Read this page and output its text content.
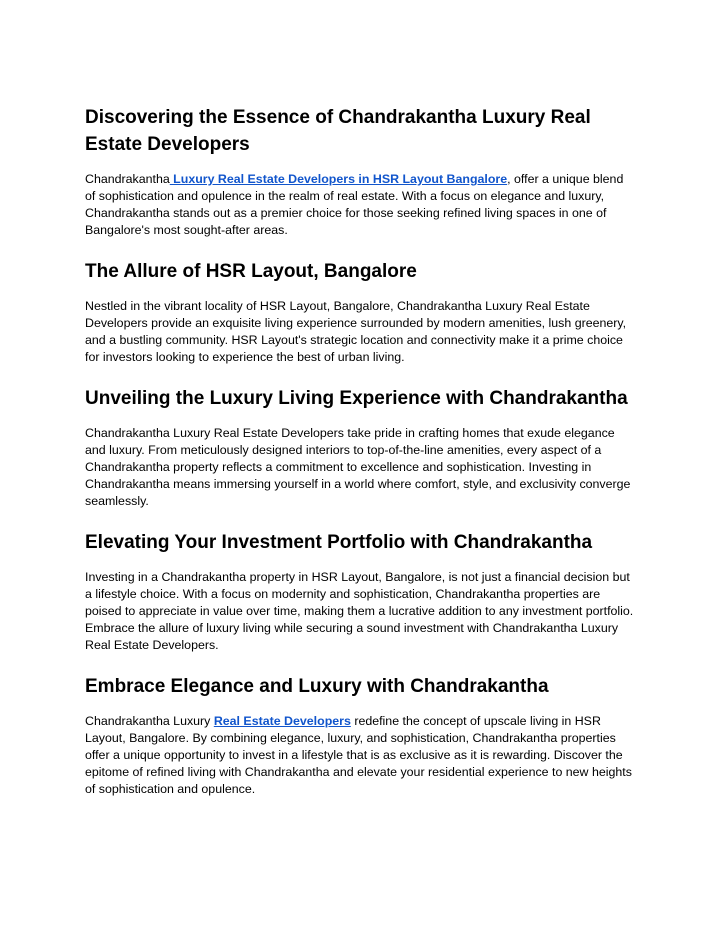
Discovering the Essence of Chandrakantha Luxury Real Estate Developers

Chandrakantha Luxury Real Estate Developers in HSR Layout Bangalore, offer a unique blend of sophistication and opulence in the realm of real estate. With a focus on elegance and luxury, Chandrakantha stands out as a premier choice for those seeking refined living spaces in one of Bangalore's most sought-after areas.

The Allure of HSR Layout, Bangalore

Nestled in the vibrant locality of HSR Layout, Bangalore, Chandrakantha Luxury Real Estate Developers provide an exquisite living experience surrounded by modern amenities, lush greenery, and a bustling community. HSR Layout's strategic location and connectivity make it a prime choice for investors looking to experience the best of urban living.

Unveiling the Luxury Living Experience with Chandrakantha

Chandrakantha Luxury Real Estate Developers take pride in crafting homes that exude elegance and luxury. From meticulously designed interiors to top-of-the-line amenities, every aspect of a Chandrakantha property reflects a commitment to excellence and sophistication. Investing in Chandrakantha means immersing yourself in a world where comfort, style, and exclusivity converge seamlessly.

Elevating Your Investment Portfolio with Chandrakantha

Investing in a Chandrakantha property in HSR Layout, Bangalore, is not just a financial decision but a lifestyle choice. With a focus on modernity and sophistication, Chandrakantha properties are poised to appreciate in value over time, making them a lucrative addition to any investment portfolio. Embrace the allure of luxury living while securing a sound investment with Chandrakantha Luxury Real Estate Developers.

Embrace Elegance and Luxury with Chandrakantha

Chandrakantha Luxury Real Estate Developers redefine the concept of upscale living in HSR Layout, Bangalore. By combining elegance, luxury, and sophistication, Chandrakantha properties offer a unique opportunity to invest in a lifestyle that is as exclusive as it is rewarding. Discover the epitome of refined living with Chandrakantha and elevate your residential experience to new heights of sophistication and opulence.
